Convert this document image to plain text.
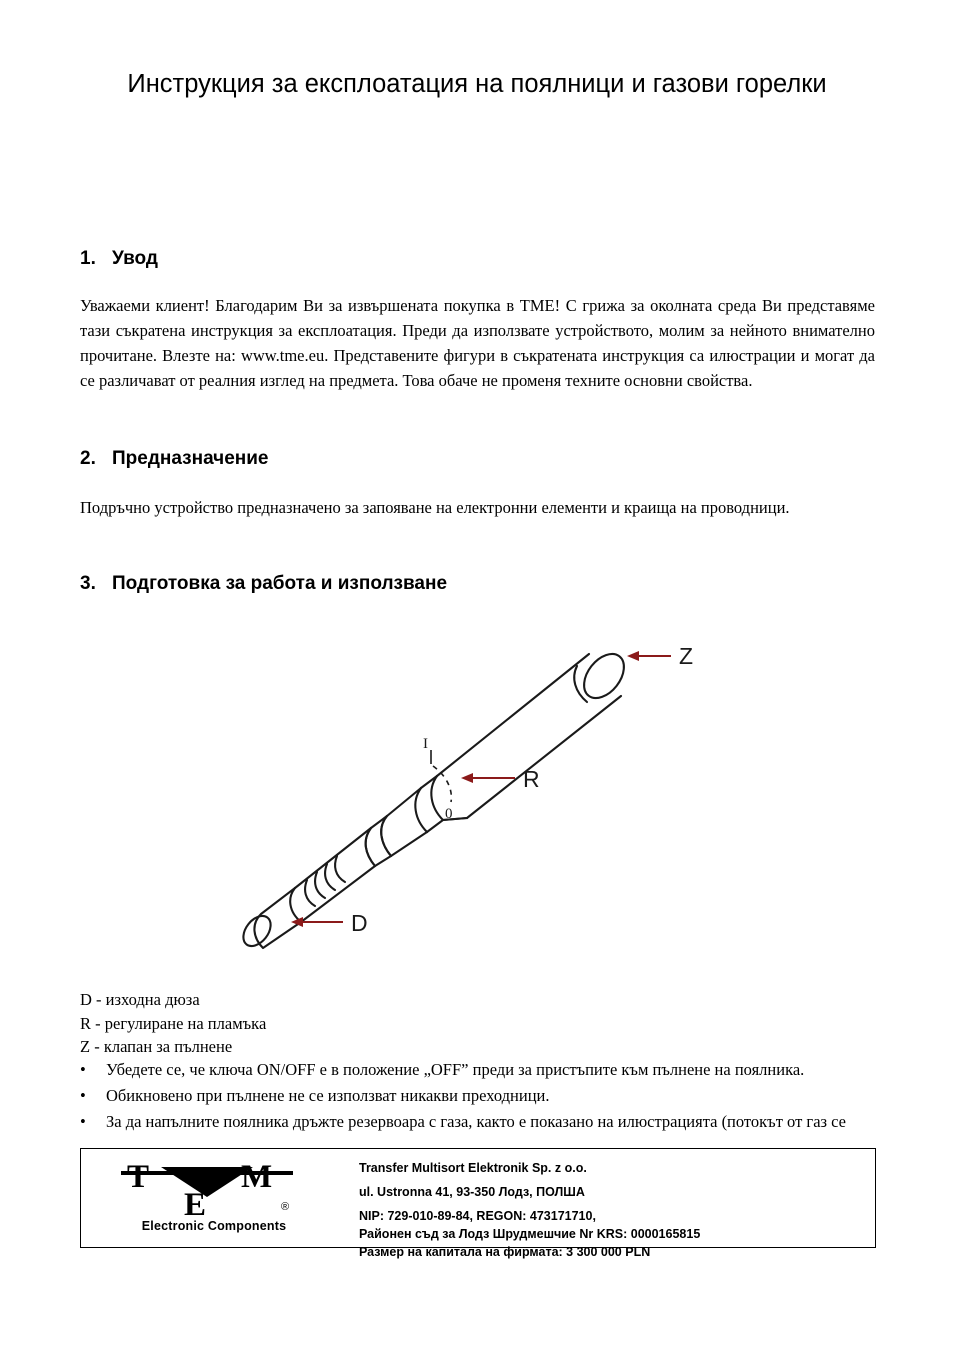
Инструкция за експлоатация на поялници и газови горелки
1. Увод
Уважаеми клиент! Благодарим Ви за извършената покупка в TME! С грижа за околната среда Ви представяме тази съкратена инструкция за експлоатация. Преди да използвате устройството, молим за нейното внимателно прочитане. Влезте на: www.tme.eu. Представените фигури в съкратената инструкция са илюстрации и могат да се различават от реалния изглед на предмета. Това обаче не променя техните основни свойства.
2. Предназначение
Подръчно устройство предназначено за запояване на електронни елементи и краища на проводници.
3. Подготовка за работа и използване
I
0
Z
R
D
D - изходна дюза
R - регулиране на пламъка
Z - клапан за пълнене
•	Убедете се, че ключа ON/OFF е в положение „OFF” преди за пристъпите към пълнене на поялника.
•	Обикновено при пълнене не се използват никакви преходници.
•	За да напълните поялника дръжте резервоара с газа, както е показано на илюстрацията (потокът от газ се
T	M
E	®
Electronic Components
Transfer Multisort Elektronik Sp. z o.o.
ul. Ustronna 41, 93-350 Лодз, ПОЛША
NIP: 729-010-89-84, REGON: 473171710,
Районен съд за Лодз Шрудмешчие Nr KRS: 0000165815
Размер на капитала на фирмата: 3 300 000 PLN
